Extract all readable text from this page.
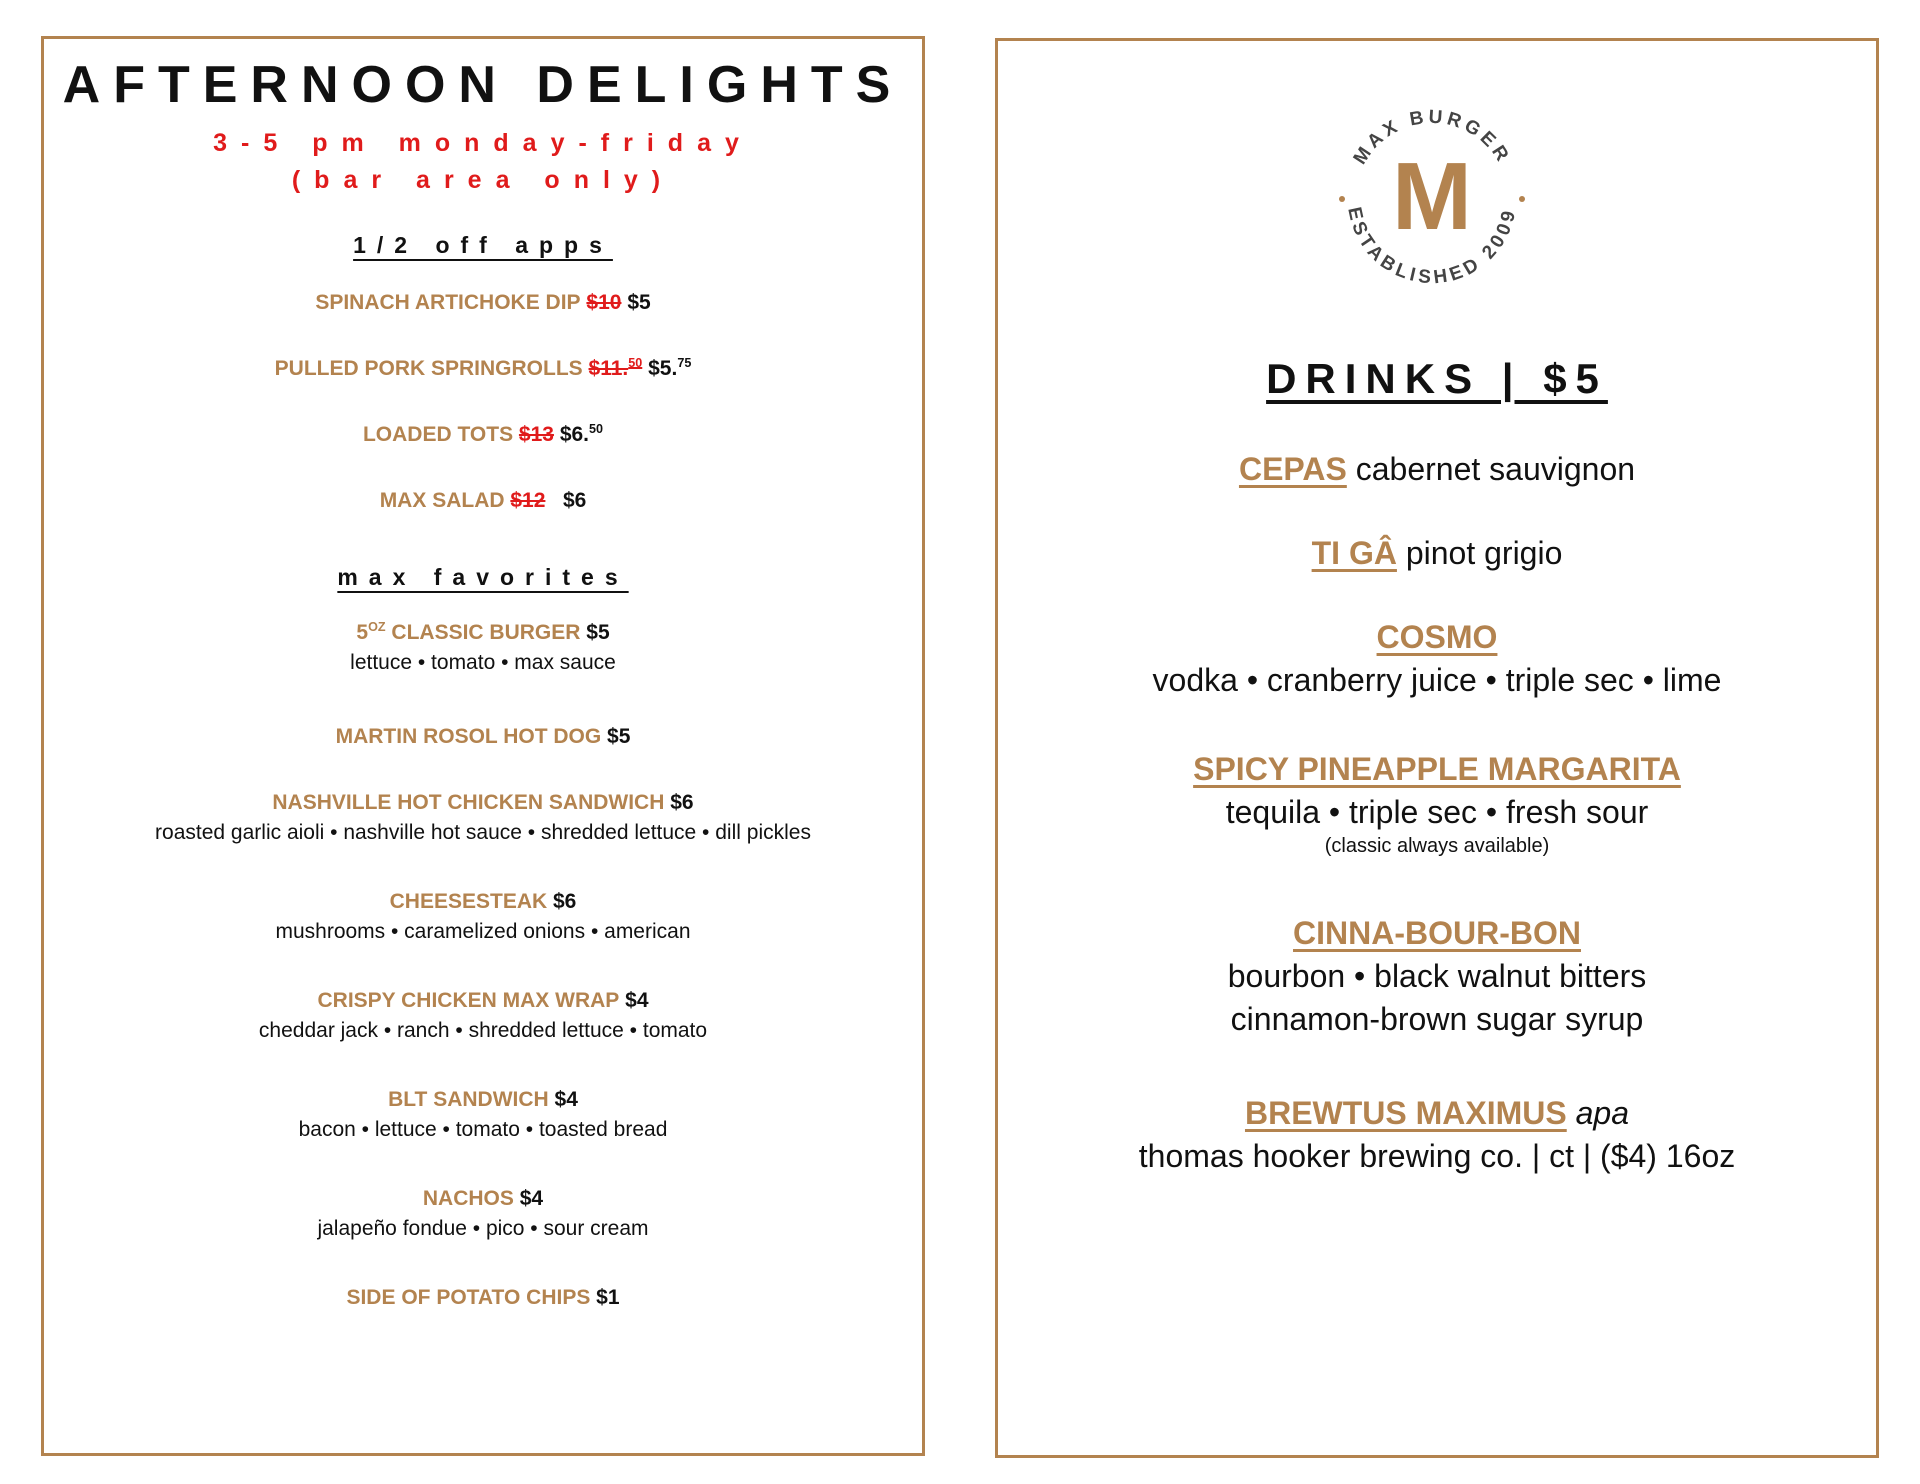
AFTERNOON DELIGHTS
3-5 pm monday-friday
(bar area only)
1/2 off apps
SPINACH ARTICHOKE DIP $10 $5
PULLED PORK SPRINGROLLS $11.50 $5.75
LOADED TOTS $13 $6.50
MAX SALAD $12 $6
max favorites
$5^{OZ}$ CLASSIC BURGER $5
lettuce • tomato • max sauce
MARTIN ROSOL HOT DOG $5
NASHVILLE HOT CHICKEN SANDWICH $6
roasted garlic aioli • nashville hot sauce • shredded lettuce • dill pickles
CHEESESTEAK $6
mushrooms • caramelized onions • american
CRISPY CHICKEN MAX WRAP $4
cheddar jack • ranch • shredded lettuce • tomato
BLT SANDWICH $4
bacon • lettuce • tomato • toasted bread
NACHOS $4
jalapeño fondue • pico • sour cream
SIDE OF POTATO CHIPS $1
MAX BURGER
ESTABLISHED 2009
M
DRINKS | $5
CEPAS cabernet sauvignon
TI GÂ pinot grigio
COSMO
vodka • cranberry juice • triple sec • lime
SPICY PINEAPPLE MARGARITA
tequila • triple sec • fresh sour
(classic always available)
CINNA-BOUR-BON
bourbon • black walnut bitters
cinnamon-brown sugar syrup
BREWTUS MAXIMUS apa
thomas hooker brewing co. | ct | ($4) 16oz
